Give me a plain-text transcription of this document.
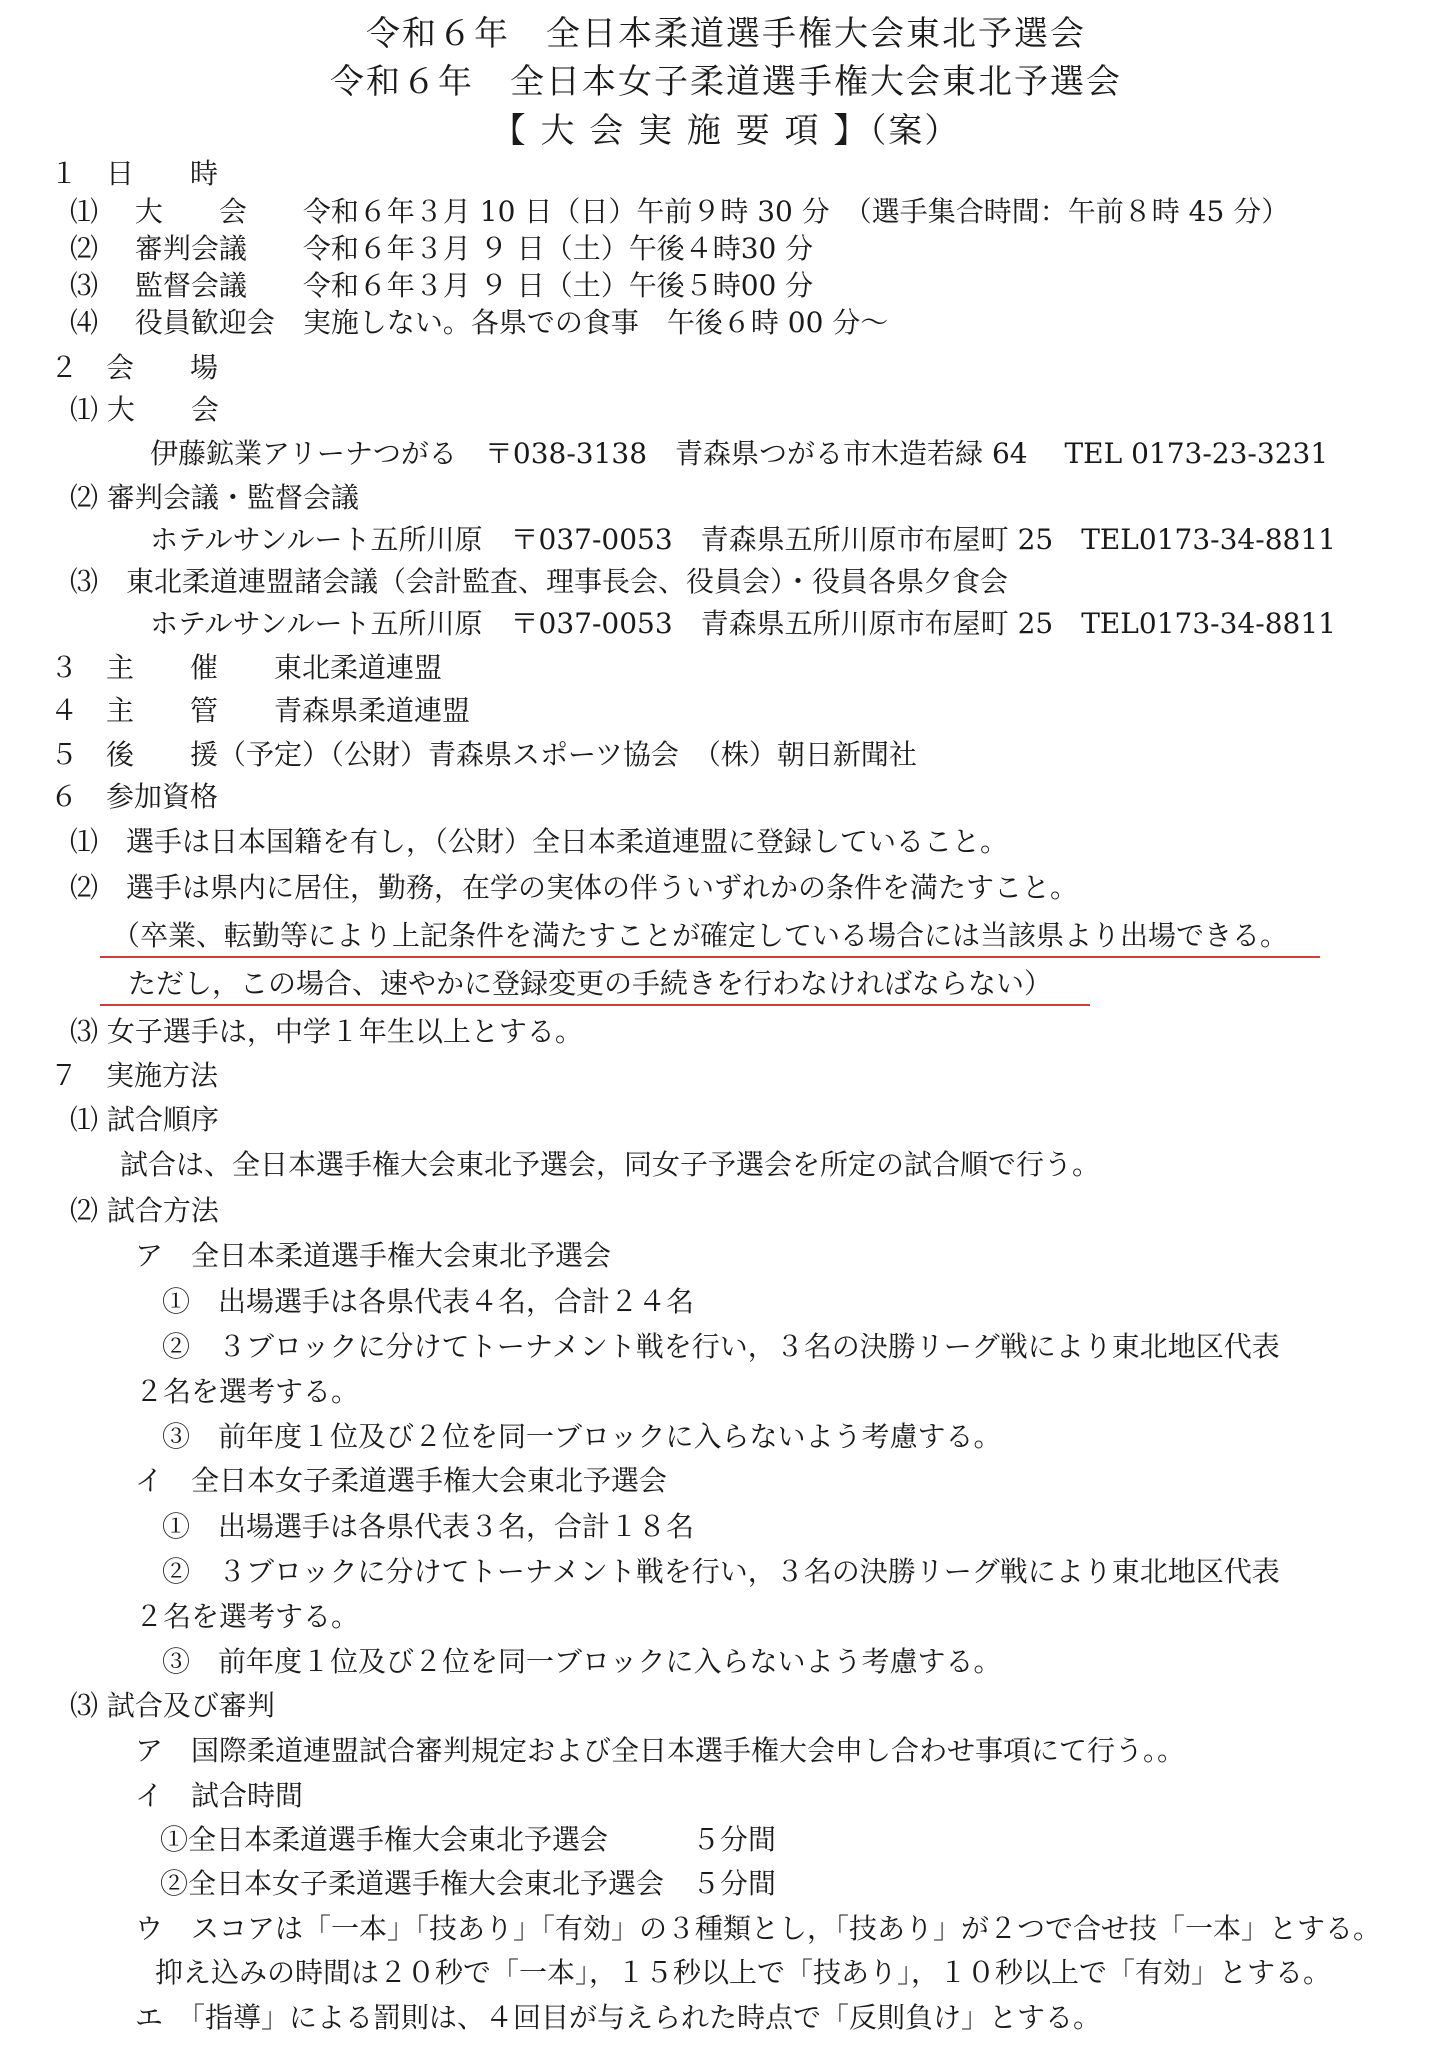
令和６年　全日本柔道選手権大会東北予選会
令和６年　全日本女子柔道選手権大会東北予選会
【 大 会 実 施 要 項 】（案）
１　日　　時
⑴　 大　　会　　令和６年３月 10 日（日）午前９時 30 分　（選手集合時間：午前８時 45 分）
⑵　 審判会議　　令和６年３月 ９ 日（土）午後４時30 分
⑶　 監督会議　　令和６年３月 ９ 日（土）午後５時00 分
⑷　 役員歓迎会　実施しない。各県での食事　午後６時 00 分〜
２　会　　場
⑴ 大　　会
伊藤鉱業アリーナつがる　〒038-3138　青森県つがる市木造若緑 64　 TEL 0173-23-3231
⑵ 審判会議・監督会議
ホテルサンルート五所川原　〒037-0053　青森県五所川原市布屋町 25　TEL0173-34-8811
⑶　東北柔道連盟諸会議（会計監査、理事長会、役員会）・役員各県夕食会
ホテルサンルート五所川原　〒037-0053　青森県五所川原市布屋町 25　TEL0173-34-8811
３　主　　催　　東北柔道連盟
４　主　　管　　青森県柔道連盟
５　後　　援（予定）（公財）青森県スポーツ協会　（株）朝日新聞社
６　参加資格
⑴　選手は日本国籍を有し，（公財）全日本柔道連盟に登録していること。
⑵　選手は県内に居住，勤務，在学の実体の伴ういずれかの条件を満たすこと。
（卒業、転勤等により上記条件を満たすことが確定している場合には当該県より出場できる。
ただし，この場合、速やかに登録変更の手続きを行わなければならない）
⑶ 女子選手は，中学１年生以上とする。
７　実施方法
⑴ 試合順序
試合は、全日本選手権大会東北予選会，同女子予選会を所定の試合順で行う。
⑵ 試合方法
ア　全日本柔道選手権大会東北予選会
①　出場選手は各県代表４名，合計２４名
②　３ブロックに分けてトーナメント戦を行い，３名の決勝リーグ戦により東北地区代表
２名を選考する。
③　前年度１位及び２位を同一ブロックに入らないよう考慮する。
イ　全日本女子柔道選手権大会東北予選会
①　出場選手は各県代表３名，合計１８名
②　３ブロックに分けてトーナメント戦を行い，３名の決勝リーグ戦により東北地区代表
２名を選考する。
③　前年度１位及び２位を同一ブロックに入らないよう考慮する。
⑶ 試合及び審判
ア　国際柔道連盟試合審判規定および全日本選手権大会申し合わせ事項にて行う。。
イ　試合時間
①全日本柔道選手権大会東北予選会　　　５分間
②全日本女子柔道選手権大会東北予選会　５分間
ウ　スコアは「一本」「技あり」「有効」の３種類とし，「技あり」が２つで合せ技「一本」とする。
抑え込みの時間は２０秒で「一本」，１５秒以上で「技あり」，１０秒以上で「有効」とする。
エ　「指導」による罰則は、４回目が与えられた時点で「反則負け」とする。
